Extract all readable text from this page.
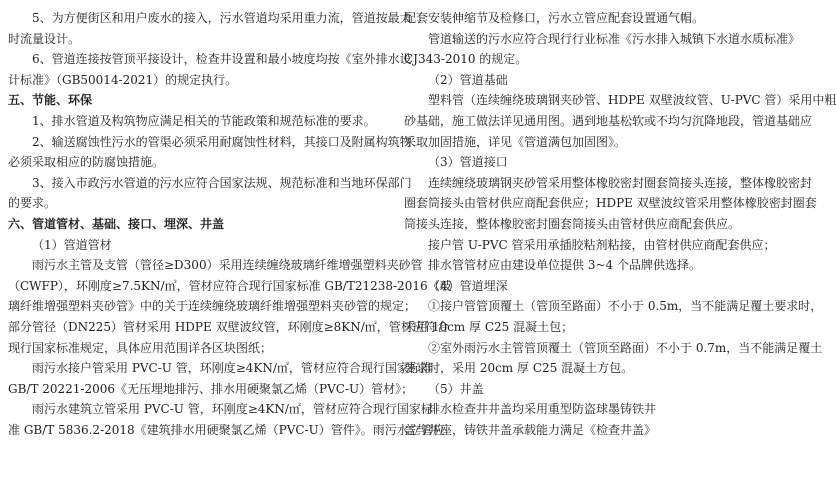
5、为方便街区和用户废水的接入，污水管道均采用重力流，管道按最大

时流量设计。

6、管道连接按管顶平接设计，检查井设置和最小坡度均按《室外排水设

计标准》（GB50014-2021）的规定执行。

五、节能、环保

1、排水管道及构筑物应满足相关的节能政策和规范标准的要求。

2、输送腐蚀性污水的管渠必须采用耐腐蚀性材料，其接口及附属构筑物

必须采取相应的防腐蚀措施。

3、接入市政污水管道的污水应符合国家法规、规范标准和当地环保部门

的要求。

六、管道管材、基础、接口、埋深、井盖

（1）管道管材

雨污水主管及支管（管径≥D300）采用连续缠绕玻璃纤维增强塑料夹砂管

（CWFP），环刚度≥7.5KN/㎡，管材应符合现行国家标准 GB/T21238-2016《玻

璃纤维增强塑料夹砂管》中的关于连续缠绕玻璃纤维增强塑料夹砂管的规定；

部分管径（DN225）管材采用 HDPE 双壁波纹管，环刚度≥8KN/㎡，管材应符合

现行国家标准规定，具体应用范围详各区块图纸；

雨污水接户管采用 PVC-U 管，环刚度≥4KN/㎡，管材应符合现行国家标准

GB/T 20221-2006《无压埋地排污、排水用硬聚氯乙烯（PVC-U）管材》；

雨污水建筑立管采用 PVC-U 管，环刚度≥4KN/㎡，管材应符合现行国家标

准 GB/T 5836.2-2018《建筑排水用硬聚氯乙烯（PVC-U）管件》。雨污水立管应

配套安装伸缩节及检修口，污水立管应配套设置通气帽。

管道输送的污水应符合现行行业标准《污水排入城镇下水道水质标准》

CJ343-2010 的规定。

（2）管道基础

塑料管（连续缠绕玻璃钢夹砂管、HDPE 双壁波纹管、U-PVC 管）采用中粗

砂基础，施工做法详见通用图。遇到地基松软或不均匀沉降地段，管道基础应

采取加固措施，详见《管道满包加固图》。

（3）管道接口

连续缠绕玻璃钢夹砂管采用整体橡胶密封圈套筒接头连接，整体橡胶密封

圈套筒接头由管材供应商配套供应；HDPE 双壁波纹管采用整体橡胶密封圈套

筒接头连接，整体橡胶密封圈套筒接头由管材供应商配套供应。

接户管 U-PVC 管采用承插胶粘剂粘接，由管材供应商配套供应；

排水管管材应由建设单位提供 3~4 个品牌供选择。

（4）管道埋深

①接户管管顶覆土（管顶至路面）不小于 0.5m，当不能满足覆土要求时，

采用 10cm 厚 C25 混凝土包；

②室外雨污水主管管顶覆土（管顶至路面）不小于 0.7m，当不能满足覆土

要求时，采用 20cm 厚 C25 混凝土方包。

（5）井盖

排水检查井井盖均采用重型防盗球墨铸铁井

盖与井座，铸铁井盖承载能力满足《检查井盖》
